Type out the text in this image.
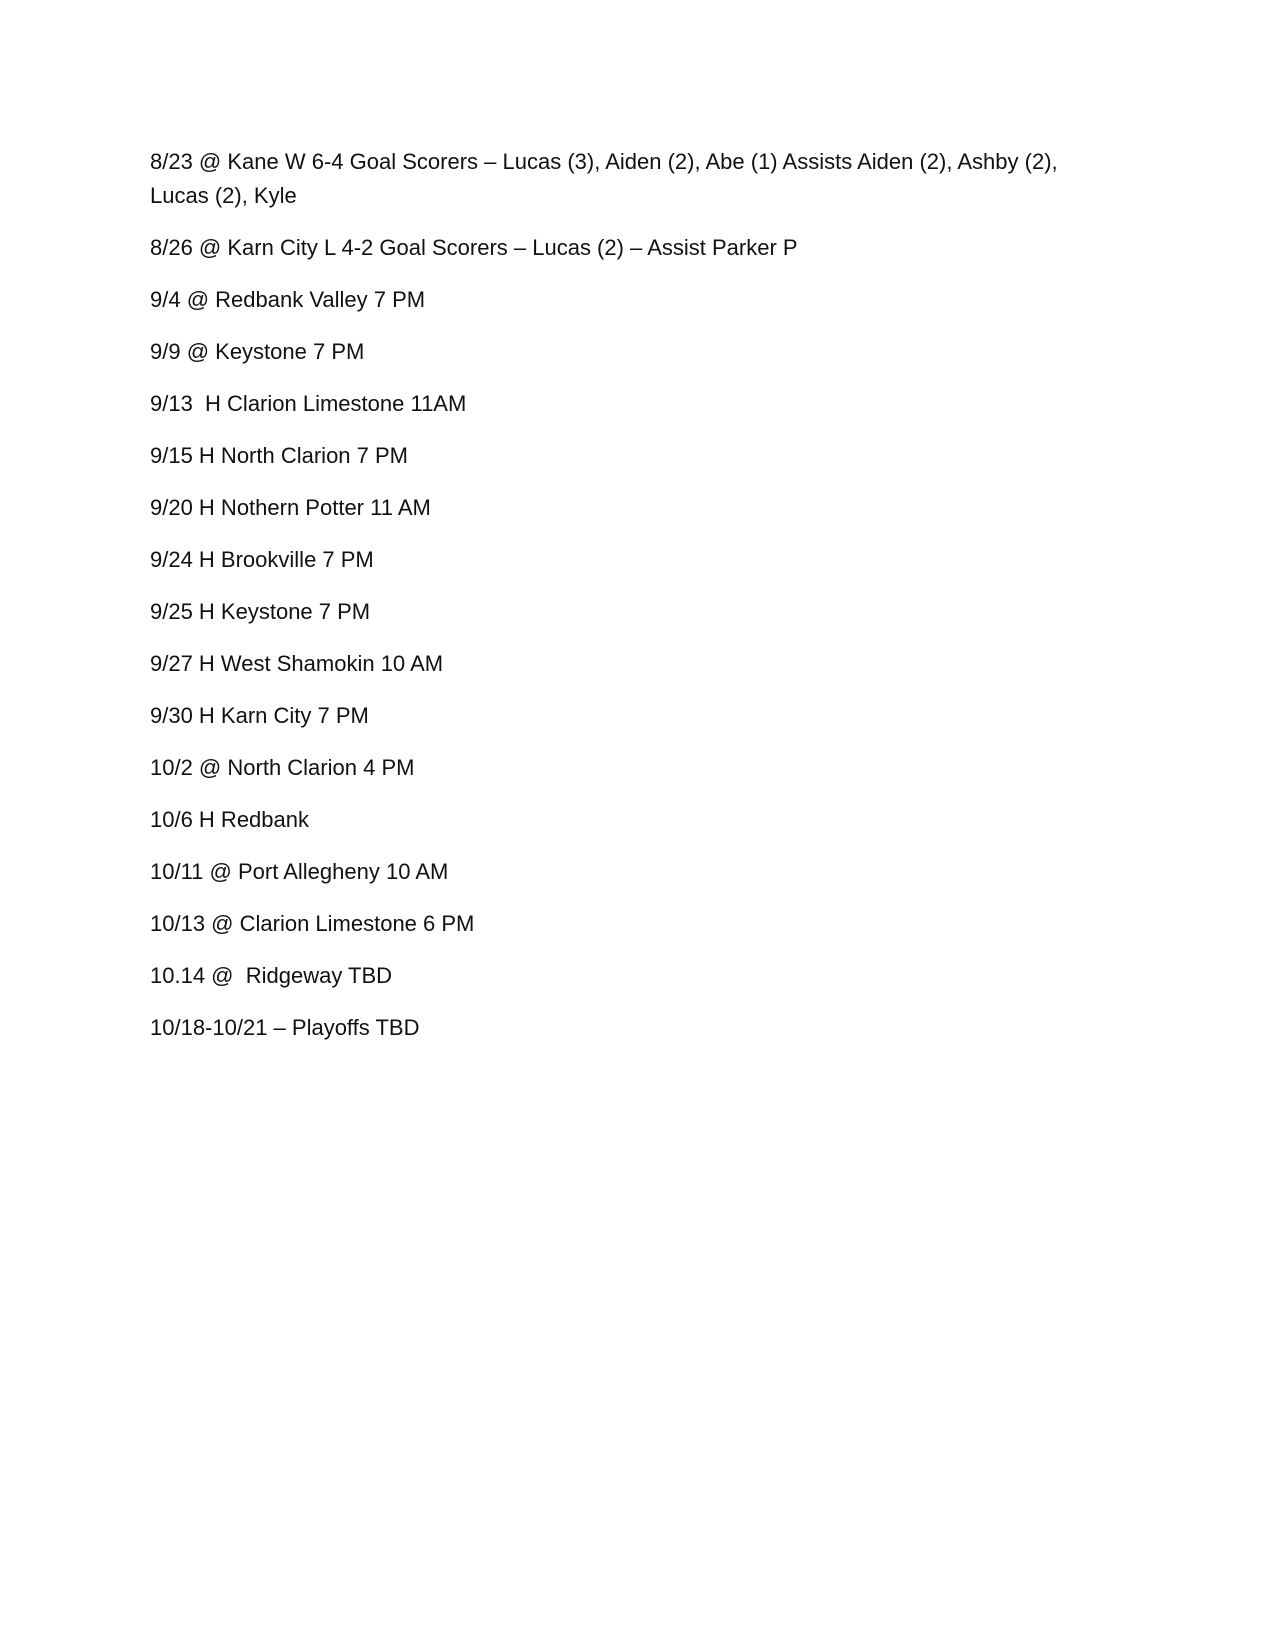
8/23 @ Kane W 6-4 Goal Scorers – Lucas (3), Aiden (2), Abe (1) Assists Aiden (2), Ashby (2), Lucas (2), Kyle

8/26 @ Karn City L 4-2 Goal Scorers – Lucas (2) – Assist Parker P

9/4 @ Redbank Valley 7 PM

9/9 @ Keystone 7 PM

9/13  H Clarion Limestone 11AM

9/15 H North Clarion 7 PM

9/20 H Nothern Potter 11 AM

9/24 H Brookville 7 PM

9/25 H Keystone 7 PM

9/27 H West Shamokin 10 AM

9/30 H Karn City 7 PM

10/2 @ North Clarion 4 PM

10/6 H Redbank

10/11 @ Port Allegheny 10 AM

10/13 @ Clarion Limestone 6 PM

10.14 @  Ridgeway TBD

10/18-10/21 – Playoffs TBD
